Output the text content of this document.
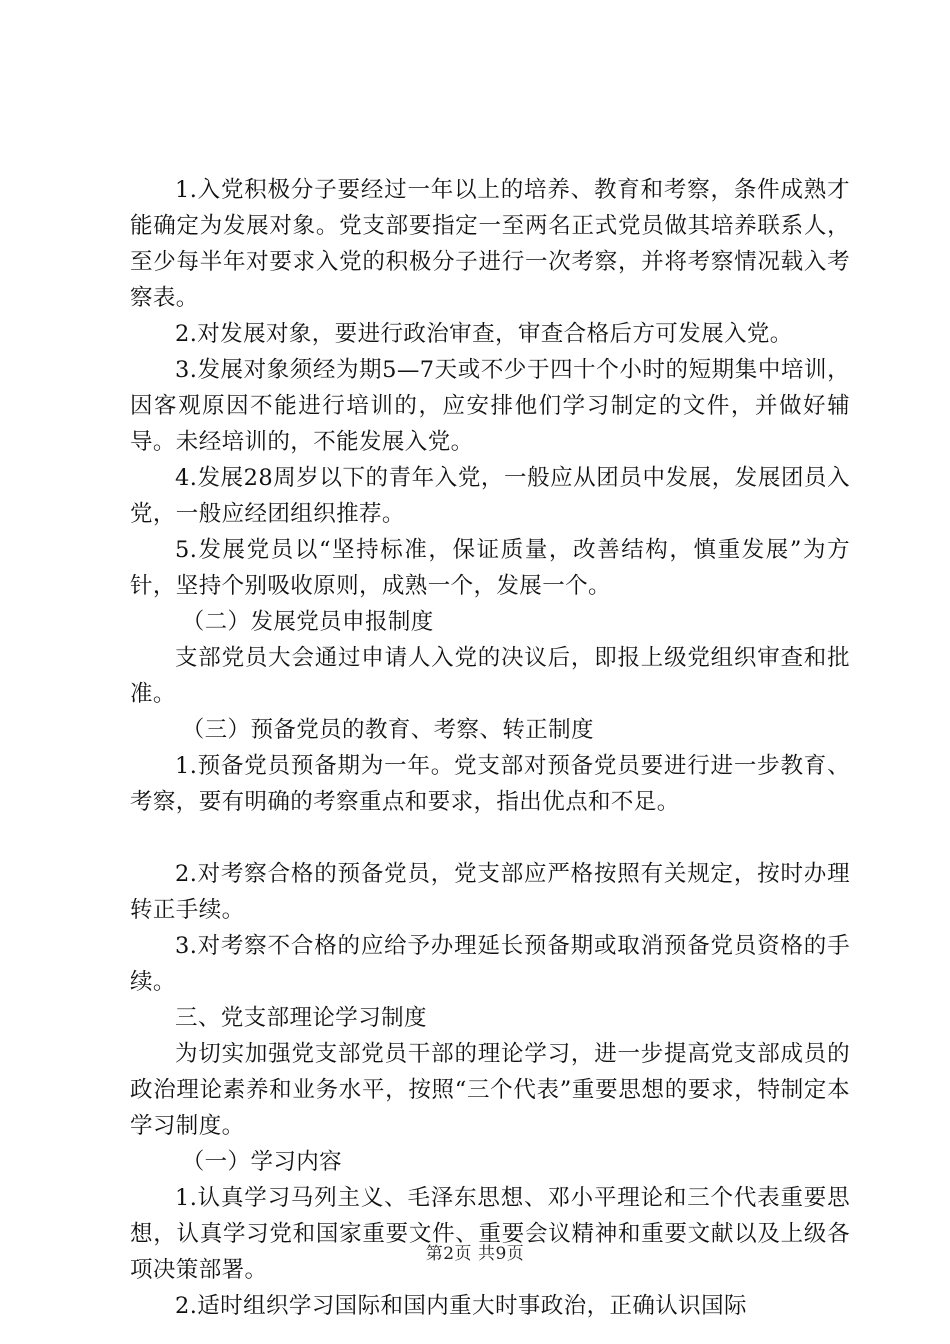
1.入党积极分子要经过一年以上的培养、教育和考察，条件成熟才能确定为发展对象。党支部要指定一至两名正式党员做其培养联系人，至少每半年对要求入党的积极分子进行一次考察，并将考察情况载入考察表。

2.对发展对象，要进行政治审查，审查合格后方可发展入党。

3.发展对象须经为期5—7天或不少于四十个小时的短期集中培训，因客观原因不能进行培训的，应安排他们学习制定的文件，并做好辅导。未经培训的，不能发展入党。

4.发展28周岁以下的青年入党，一般应从团员中发展，发展团员入党，一般应经团组织推荐。

5.发展党员以“坚持标准，保证质量，改善结构，慎重发展”为方针，坚持个别吸收原则，成熟一个，发展一个。

（二）发展党员申报制度

支部党员大会通过申请人入党的决议后，即报上级党组织审查和批准。

（三）预备党员的教育、考察、转正制度

1.预备党员预备期为一年。党支部对预备党员要进行进一步教育、考察，要有明确的考察重点和要求，指出优点和不足。

2.对考察合格的预备党员，党支部应严格按照有关规定，按时办理转正手续。

3.对考察不合格的应给予办理延长预备期或取消预备党员资格的手续。

三、党支部理论学习制度

为切实加强党支部党员干部的理论学习，进一步提高党支部成员的政治理论素养和业务水平，按照“三个代表”重要思想的要求，特制定本学习制度。

（一）学习内容

1.认真学习马列主义、毛泽东思想、邓小平理论和三个代表重要思想，认真学习党和国家重要文件、重要会议精神和重要文献以及上级各项决策部署。

2.适时组织学习国际和国内重大时事政治，正确认识国际

第2页 共9页
